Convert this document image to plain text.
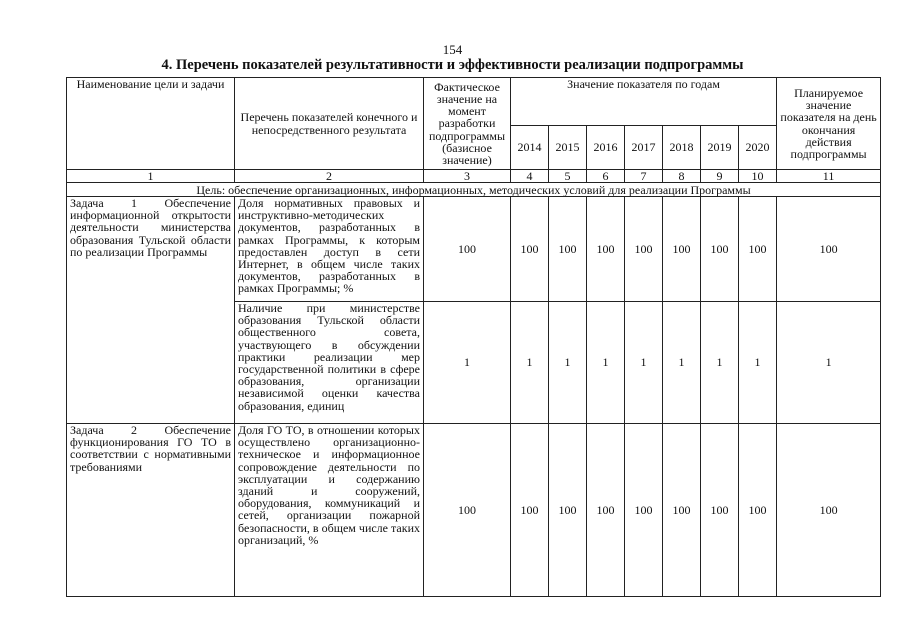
154
4. Перечень показателей результативности и эффективности реализации подпрограммы
Наименование цели и задачи	Перечень показателей конечного и непосредственного результата	Фактическое значение на момент разработки подпрограммы (базисное значение)	Значение показателя по годам							Планируемое значение показателя на день окончания действия подпрограммы
			2014	2015	2016	2017	2018	2019	2020	
1	2	3	4	5	6	7	8	9	10	11
Цель: обеспечение организационных, информационных, методических условий для реализации Программы										
Задача 1 Обеспечение информационной открытости деятельности министерства образования Тульской области по реализации Программы	Доля нормативных правовых и инструктивно-методических документов, разработанных в рамках Программы, к которым предоставлен доступ в сети Интернет, в общем числе таких документов, разработанных в рамках Программы; %	100	100	100	100	100	100	100	100	100
	Наличие при министерстве образования Тульской области общественного совета, участвующего в обсуждении практики реализации мер государственной политики в сфере образования, организации независимой оценки качества образования, единиц	1	1	1	1	1	1	1	1	1
Задача 2 Обеспечение функционирования ГО ТО в соответствии с нормативными требованиями	Доля ГО ТО, в отношении которых осуществлено организационно-техническое и информационное сопровождение деятельности по эксплуатации и содержанию зданий и сооружений, оборудования, коммуникаций и сетей, организации пожарной безопасности, в общем числе таких организаций, %	100	100	100	100	100	100	100	100	100
